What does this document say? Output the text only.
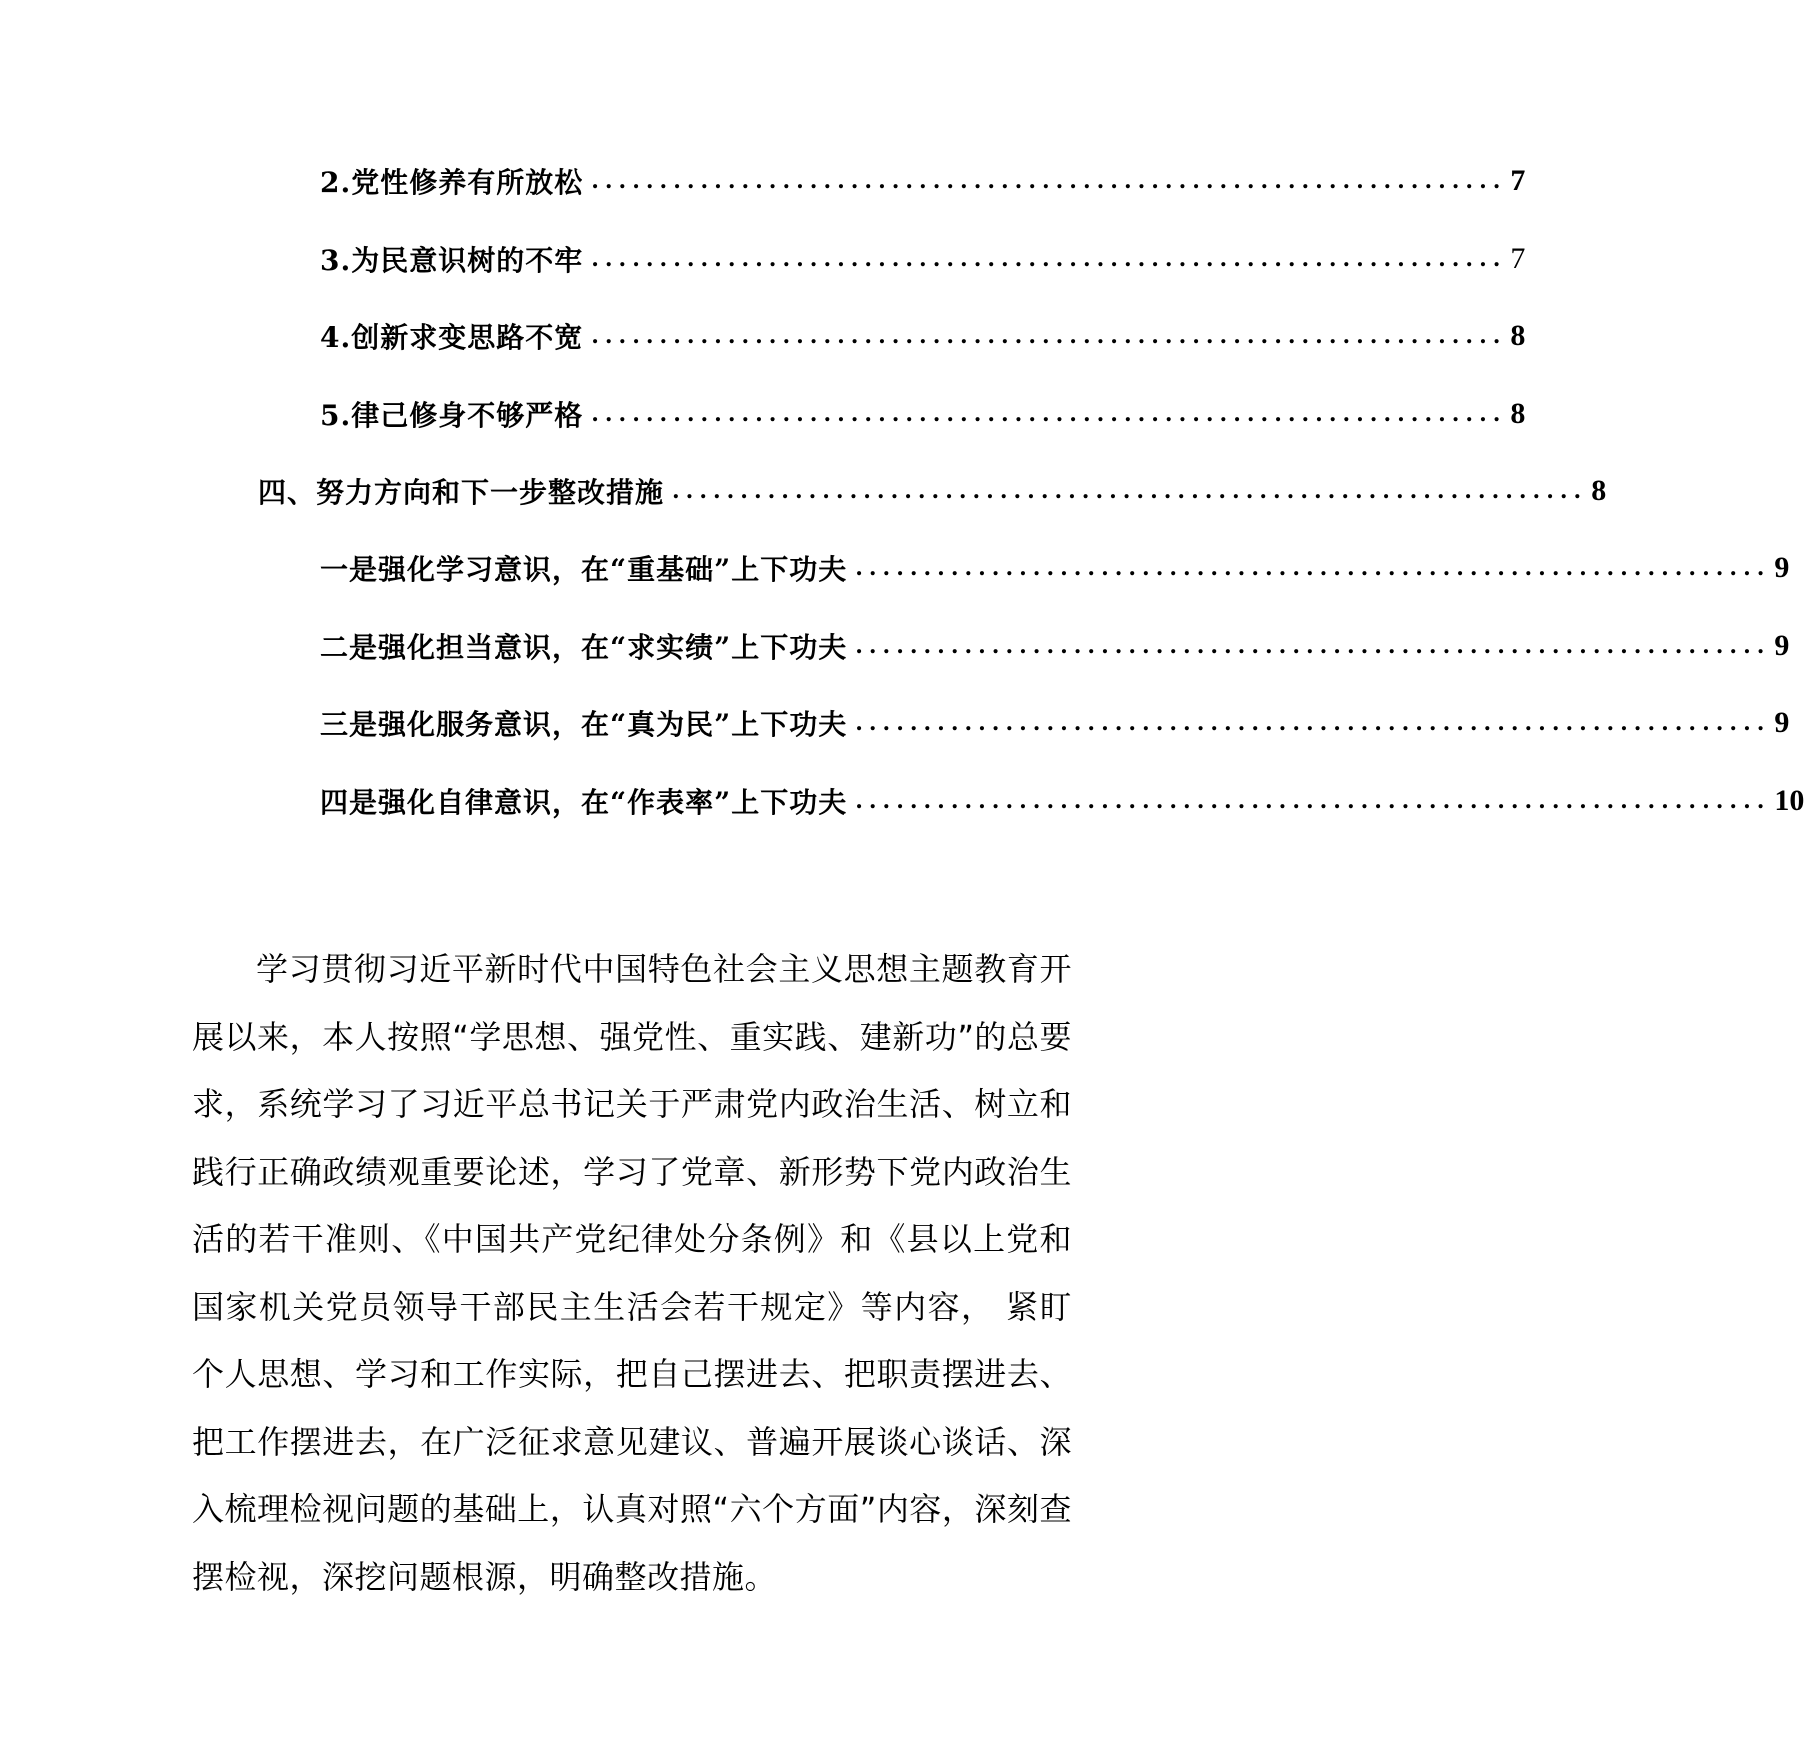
2.党性修养有所放松 ................................................................... 7
3.为民意识树的不牢 ................................................................... 7
4.创新求变思路不宽 ................................................................... 8
5.律己修身不够严格 ................................................................... 8
四、努力方向和下一步整改措施 ................................................................... 8
一是强化学习意识，在“重基础”上下功夫 ................................................................... 9
二是强化担当意识，在“求实绩”上下功夫 ................................................................... 9
三是强化服务意识，在“真为民”上下功夫 ................................................................... 9
四是强化自律意识，在“作表率”上下功夫 ................................................................... 10

学习贯彻习近平新时代中国特色社会主义思想主题教育开展以来，本人按照“学思想、强党性、重实践、建新功”的总要求，系统学习了习近平总书记关于严肃党内政治生活、树立和践行正确政绩观重要论述，学习了党章、新形势下党内政治生活的若干准则、《中国共产党纪律处分条例》和《县以上党和国家机关党员领导干部民主生活会若干规定》等内容， 紧盯个人思想、学习和工作实际，把自己摆进去、把职责摆进去、把工作摆进去，在广泛征求意见建议、普遍开展谈心谈话、深入梳理检视问题的基础上，认真对照“六个方面”内容，深刻查摆检视，深挖问题根源，明确整改措施。
